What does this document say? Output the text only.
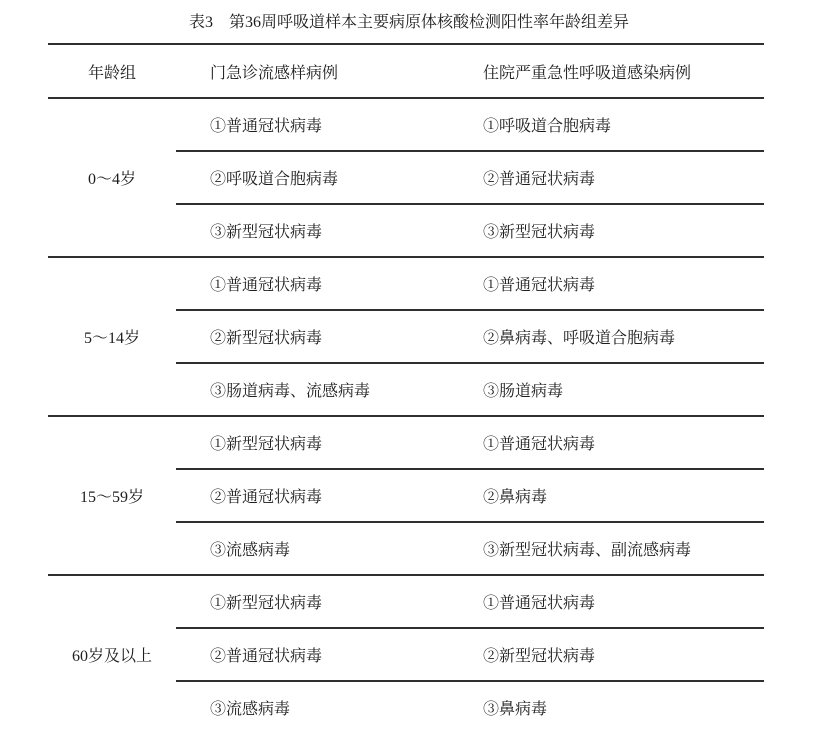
表3　第36周呼吸道样本主要病原体核酸检测阳性率年龄组差异
年龄组	门急诊流感样病例	住院严重急性呼吸道感染病例
0～4岁
①普通冠状病毒	①呼吸道合胞病毒
②呼吸道合胞病毒	②普通冠状病毒
③新型冠状病毒	③新型冠状病毒
5～14岁
①普通冠状病毒	①普通冠状病毒
②新型冠状病毒	②鼻病毒、呼吸道合胞病毒
③肠道病毒、流感病毒	③肠道病毒
15～59岁
①新型冠状病毒	①普通冠状病毒
②普通冠状病毒	②鼻病毒
③流感病毒	③新型冠状病毒、副流感病毒
60岁及以上
①新型冠状病毒	①普通冠状病毒
②普通冠状病毒	②新型冠状病毒
③流感病毒	③鼻病毒
